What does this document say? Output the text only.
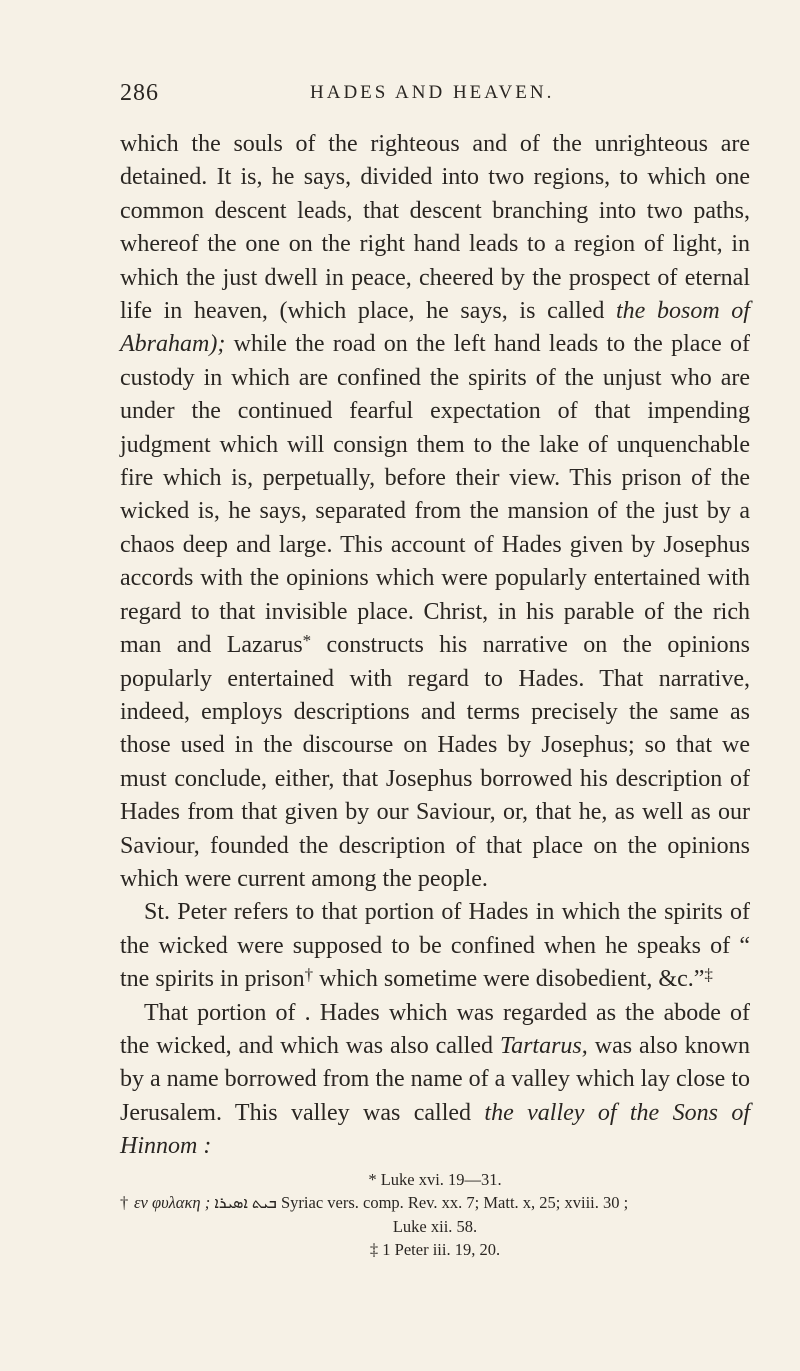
286	HADES AND HEAVEN.

which the souls of the righteous and of the unrighteous are detained. It is, he says, divided into two regions, to which one common descent leads, that descent branching into two paths, whereof the one on the right hand leads to a region of light, in which the just dwell in peace, cheered by the prospect of eternal life in heaven, (which place, he says, is called the bosom of Abraham); while the road on the left hand leads to the place of custody in which are confined the spirits of the unjust who are under the continued fearful expectation of that impending judgment which will consign them to the lake of unquenchable fire which is, perpetually, before their view. This prison of the wicked is, he says, separated from the mansion of the just by a chaos deep and large. This account of Hades given by Josephus accords with the opinions which were popularly entertained with regard to that invisible place. Christ, in his parable of the rich man and Lazarus* constructs his narrative on the opinions popularly entertained with regard to Hades. That narrative, indeed, employs descriptions and terms precisely the same as those used in the discourse on Hades by Josephus; so that we must conclude, either, that Josephus borrowed his description of Hades from that given by our Saviour, or, that he, as well as our Saviour, founded the description of that place on the opinions which were current among the people.

St. Peter refers to that portion of Hades in which the spirits of the wicked were supposed to be confined when he speaks of “ tne spirits in prison† which sometime were disobedient, &c.”‡

That portion of . Hades which was regarded as the abode of the wicked, and which was also called Tartarus, was also known by a name borrowed from the name of a valley which lay close to Jerusalem. This valley was called the valley of the Sons of Hinnom :

* Luke xvi. 19—31.

† εν φυλακη ; ܒܝܬ ܐܣܝܪܐ Syriac vers. comp. Rev. xx. 7; Matt. x, 25; xviii. 30 ;

Luke xii. 58.

‡ 1 Peter iii. 19, 20.
